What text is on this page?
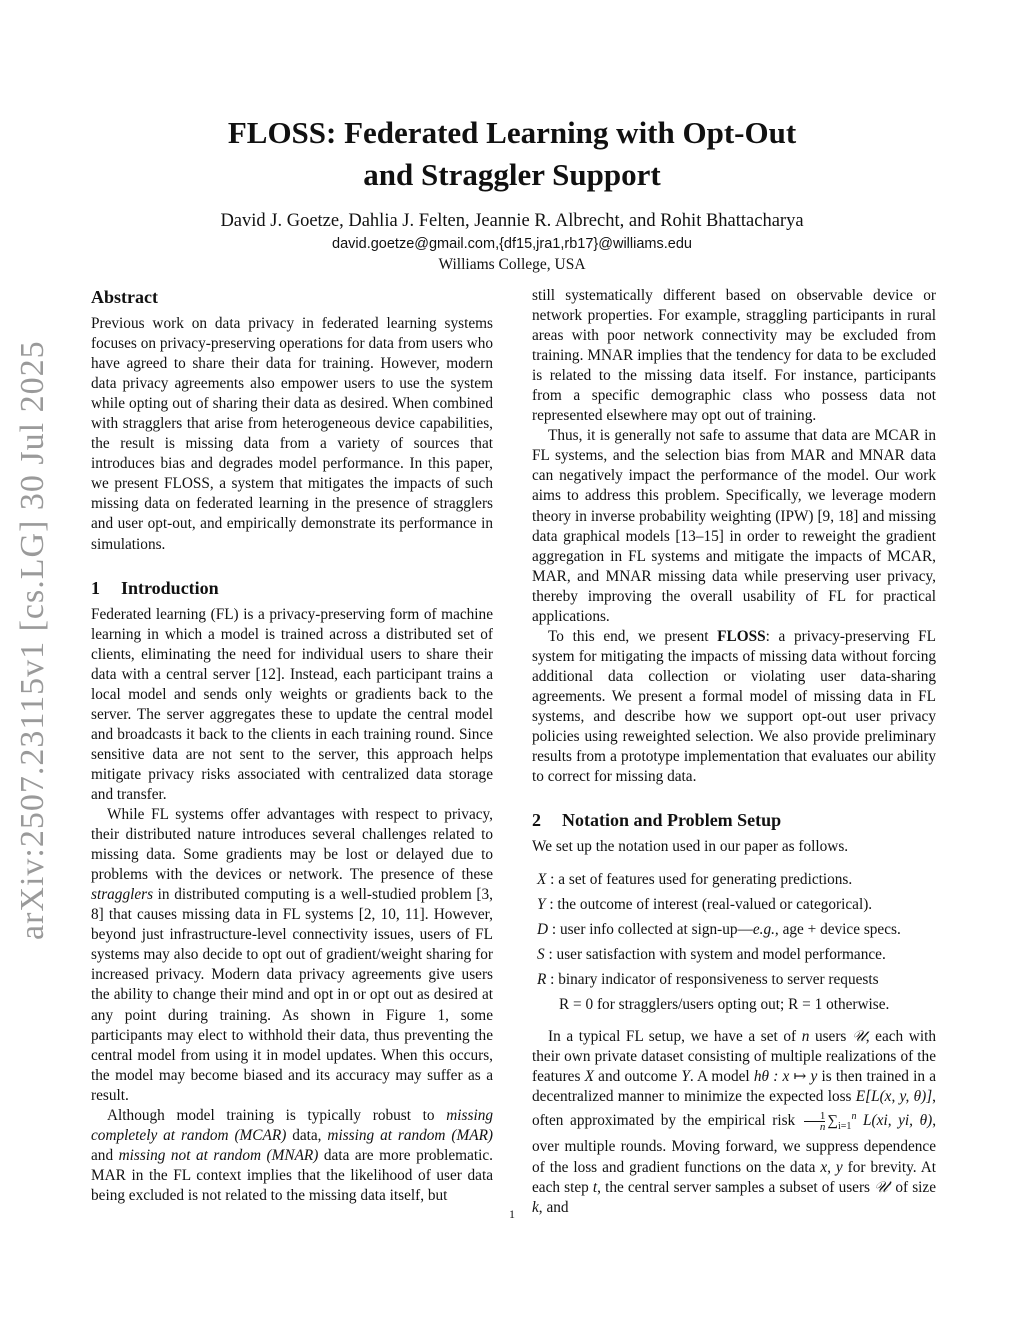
arXiv:2507.23115v1 [cs.LG] 30 Jul 2025
FLOSS: Federated Learning with Opt-Out
and Straggler Support
David J. Goetze, Dahlia J. Felten, Jeannie R. Albrecht, and Rohit Bhattacharya
david.goetze@gmail.com,{df15,jra1,rb17}@williams.edu
Williams College, USA
Abstract

Previous work on data privacy in federated learning systems focuses on privacy-preserving operations for data from users who have agreed to share their data for training. However, modern data privacy agreements also empower users to use the system while opting out of sharing their data as desired. When combined with stragglers that arise from heterogeneous device capabilities, the result is missing data from a variety of sources that introduces bias and degrades model performance. In this paper, we present FLOSS, a system that mitigates the impacts of such missing data on federated learning in the presence of stragglers and user opt-out, and empirically demonstrate its performance in simulations.

1 Introduction

Federated learning (FL) is a privacy-preserving form of machine learning in which a model is trained across a distributed set of clients, eliminating the need for individual users to share their data with a central server [12]. Instead, each participant trains a local model and sends only weights or gradients back to the server. The server aggregates these to update the central model and broadcasts it back to the clients in each training round. Since sensitive data are not sent to the server, this approach helps mitigate privacy risks associated with centralized data storage and transfer.

While FL systems offer advantages with respect to privacy, their distributed nature introduces several challenges related to missing data. Some gradients may be lost or delayed due to problems with the devices or network. The presence of these stragglers in distributed computing is a well-studied problem [3, 8] that causes missing data in FL systems [2, 10, 11]. However, beyond just infrastructure-level connectivity issues, users of FL systems may also decide to opt out of gradient/weight sharing for increased privacy. Modern data privacy agreements give users the ability to change their mind and opt in or opt out as desired at any point during training. As shown in Figure 1, some participants may elect to withhold their data, thus preventing the central model from using it in model updates. When this occurs, the model may become biased and its accuracy may suffer as a result.

Although model training is typically robust to missing completely at random (MCAR) data, missing at random (MAR) and missing not at random (MNAR) data are more problematic. MAR in the FL context implies that the likelihood of user data being excluded is not related to the missing data itself, but

still systematically different based on observable device or network properties. For example, straggling participants in rural areas with poor network connectivity may be excluded from training. MNAR implies that the tendency for data to be excluded is related to the missing data itself. For instance, participants from a specific demographic class who possess data not represented elsewhere may opt out of training.

Thus, it is generally not safe to assume that data are MCAR in FL systems, and the selection bias from MAR and MNAR data can negatively impact the performance of the model. Our work aims to address this problem. Specifically, we leverage modern theory in inverse probability weighting (IPW) [9, 18] and missing data graphical models [13–15] in order to reweight the gradient aggregation in FL systems and mitigate the impacts of MCAR, MAR, and MNAR missing data while preserving user privacy, thereby improving the overall usability of FL for practical applications.

To this end, we present FLOSS: a privacy-preserving FL system for mitigating the impacts of missing data without forcing additional data collection or violating user data-sharing agreements. We present a formal model of missing data in FL systems, and describe how we support opt-out user privacy policies using reweighted selection. We also provide preliminary results from a prototype implementation that evaluates our ability to correct for missing data.

2 Notation and Problem Setup

We set up the notation used in our paper as follows.

X : a set of features used for generating predictions.
Y : the outcome of interest (real-valued or categorical).
D : user info collected at sign-up—e.g., age + device specs.
S : user satisfaction with system and model performance.
R : binary indicator of responsiveness to server requests
R = 0 for stragglers/users opting out; R = 1 otherwise.

In a typical FL setup, we have a set of n users 𝒰, each with their own private dataset consisting of multiple realizations of the features X and outcome Y. A model hθ : x ↦ y is then trained in a decentralized manner to minimize the expected loss E[L(x, y, θ)], often approximated by the empirical risk $\frac{1}{n} \sum_{i=1}^n$ L(xi, yi, θ), over multiple rounds. Moving forward, we suppress dependence of the loss and gradient functions on the data x, y for brevity. At each step t, the central server samples a subset of users 𝒰′ of size k, and

1
